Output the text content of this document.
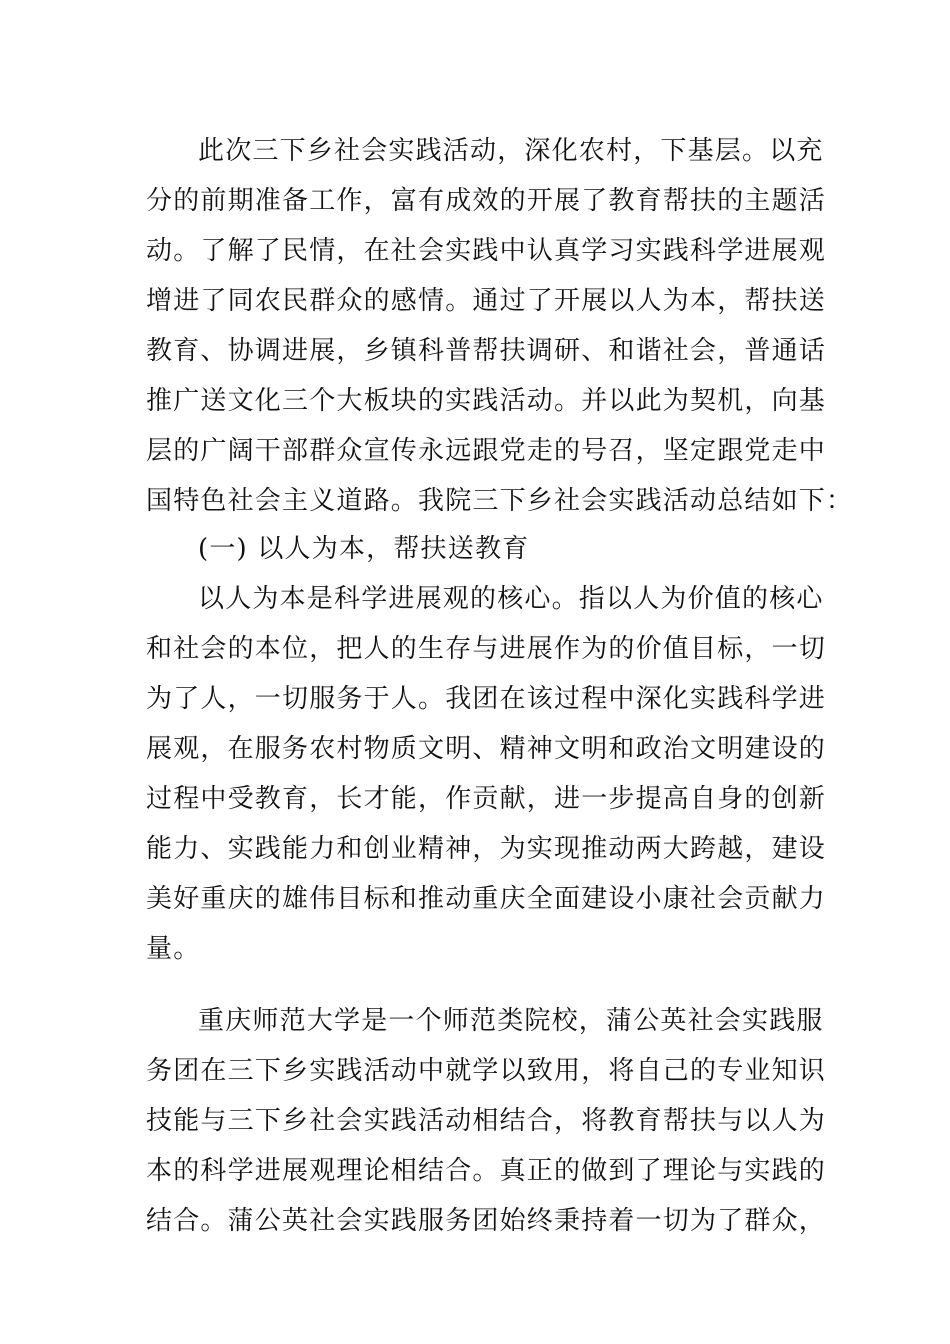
此次三下乡社会实践活动，深化农村，下基层。以充
分的前期准备工作，富有成效的开展了教育帮扶的主题活
动。了解了民情，在社会实践中认真学习实践科学进展观
增进了同农民群众的感情。通过了开展以人为本，帮扶送
教育、协调进展，乡镇科普帮扶调研、和谐社会，普通话
推广送文化三个大板块的实践活动。并以此为契机，向基
层的广阔干部群众宣传永远跟党走的号召，坚定跟党走中
国特色社会主义道路。我院三下乡社会实践活动总结如下：
(一) 以人为本，帮扶送教育
以人为本是科学进展观的核心。指以人为价值的核心
和社会的本位，把人的生存与进展作为的价值目标，一切
为了人，一切服务于人。我团在该过程中深化实践科学进
展观，在服务农村物质文明、精神文明和政治文明建设的
过程中受教育，长才能，作贡献，进一步提高自身的创新
能力、实践能力和创业精神，为实现推动两大跨越，建设
美好重庆的雄伟目标和推动重庆全面建设小康社会贡献力
量。
重庆师范大学是一个师范类院校，蒲公英社会实践服
务团在三下乡实践活动中就学以致用，将自己的专业知识
技能与三下乡社会实践活动相结合，将教育帮扶与以人为
本的科学进展观理论相结合。真正的做到了理论与实践的
结合。蒲公英社会实践服务团始终秉持着一切为了群众，
